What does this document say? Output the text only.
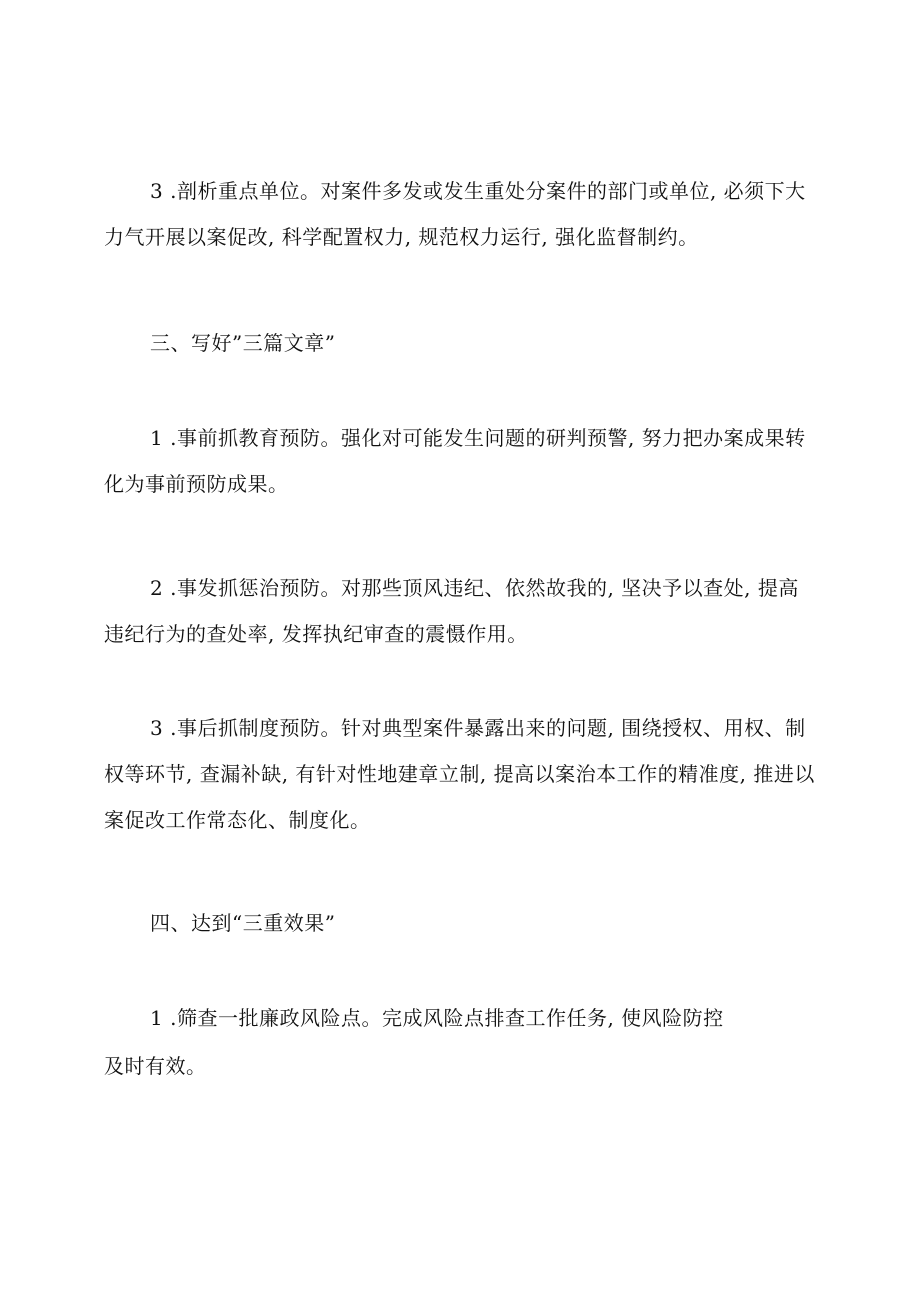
3 .剖析重点单位。对案件多发或发生重处分案件的部门或单位, 必须下大力气开展以案促改, 科学配置权力, 规范权力运行, 强化监督制约。

三、写好”三篇文章”

1 .事前抓教育预防。强化对可能发生问题的研判预警, 努力把办案成果转化为事前预防成果。

2 .事发抓惩治预防。对那些顶风违纪、依然故我的, 坚决予以查处, 提高违纪行为的查处率, 发挥执纪审查的震慑作用。

3 .事后抓制度预防。针对典型案件暴露出来的问题, 围绕授权、用权、制权等环节, 查漏补缺, 有针对性地建章立制, 提高以案治本工作的精准度, 推进以案促改工作常态化、制度化。

四、达到“三重效果”

1 .筛查一批廉政风险点。完成风险点排查工作任务, 使风险防控

及时有效。
